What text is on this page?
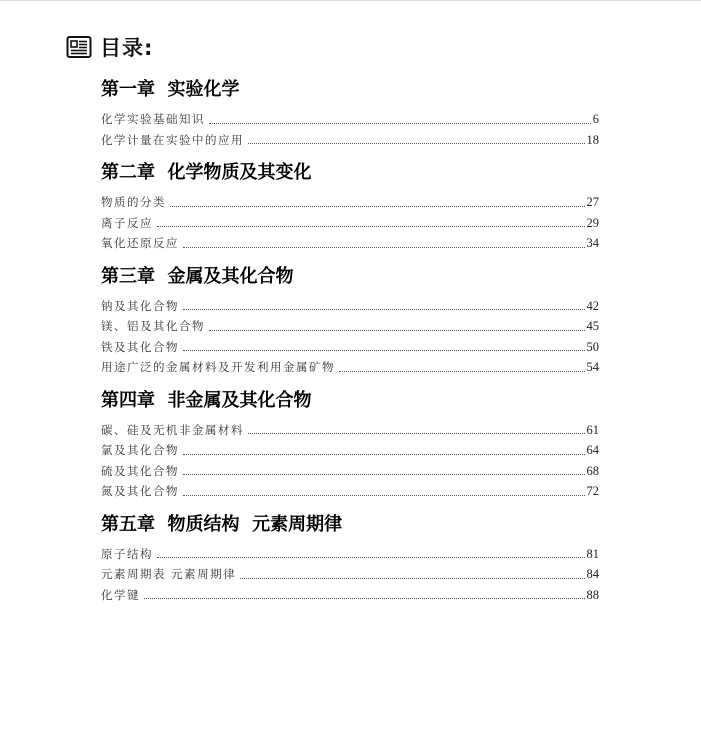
目录:
第一章  实验化学
化学实验基础知识	6
化学计量在实验中的应用	18
第二章  化学物质及其变化
物质的分类	27
离子反应	29
氧化还原反应	34
第三章  金属及其化合物
钠及其化合物	42
镁、铝及其化合物	45
铁及其化合物	50
用途广泛的金属材料及开发利用金属矿物	54
第四章  非金属及其化合物
碳、硅及无机非金属材料	61
氯及其化合物	64
硫及其化合物	68
氮及其化合物	72
第五章  物质结构  元素周期律
原子结构	81
元素周期表 元素周期律	84
化学键	88
